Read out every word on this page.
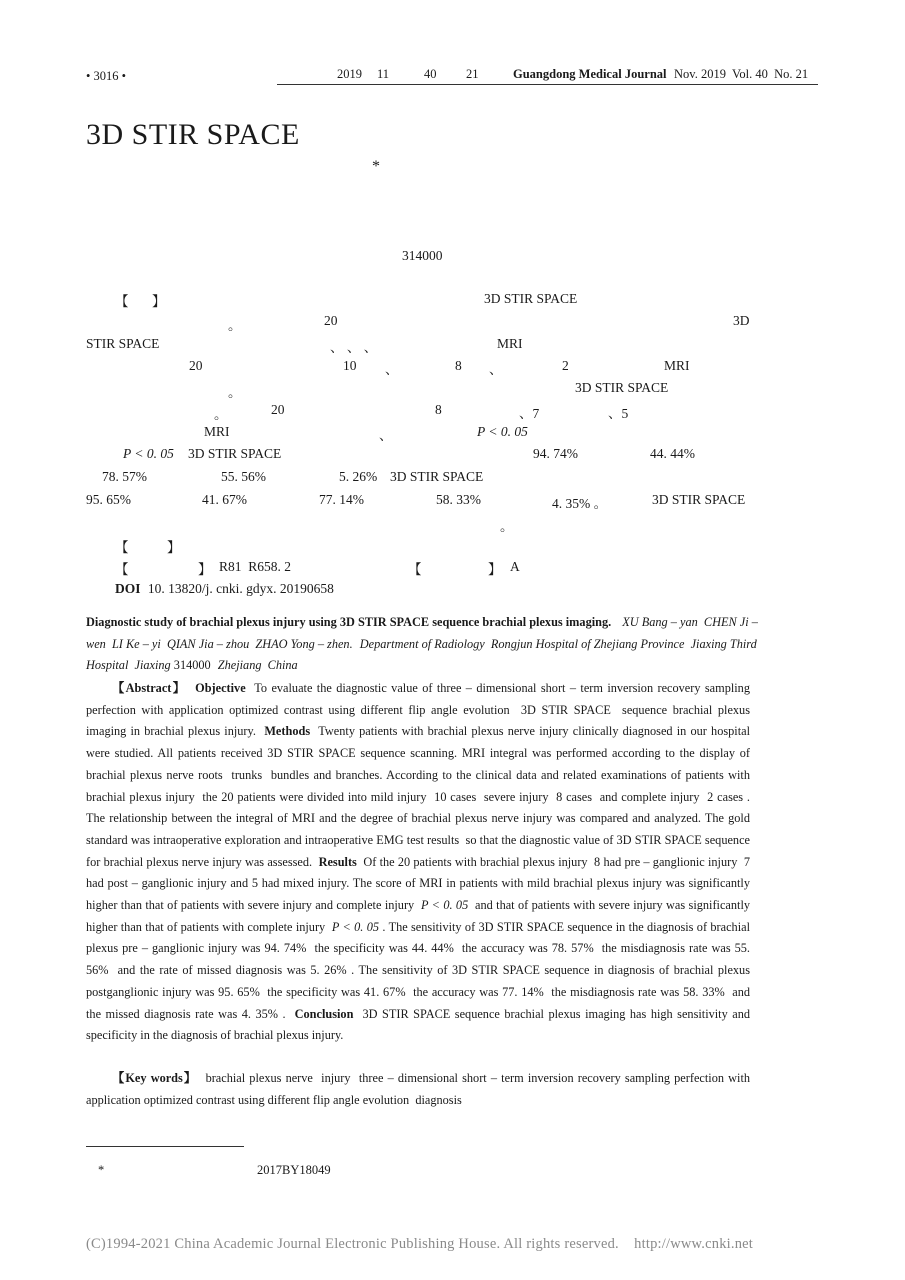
• 3016 •	2019 11	40 21	Guangdong Medical Journal Nov. 2019  Vol. 40  No. 21
3D STIR SPACE
*
314000
【 】	3D STIR SPACE
。	20	3D
STIR SPACE	、 、 、	MRI
20	10 、	8 、	2	MRI
。	3D STIR SPACE
。	20	8	、7	、5
MRI	、	P < 0. 05
P < 0. 05 3D STIR SPACE	94. 74%	44. 44%
78. 57%	55. 56%	5. 26% 3D STIR SPACE
95. 65%	41. 67%	77. 14%	58. 33%	4. 35% 。	3D STIR SPACE
。
【	】
【	】 R81  R658. 2	【	】 A
DOI 10. 13820/j. cnki. gdyx. 20190658
Diagnostic study of brachial plexus injury using 3D STIR SPACE sequence brachial plexus imaging. XU Bang – yan  CHEN Ji – wen  LI Ke – yi  QIAN Jia – zhou  ZHAO Yong – zhen. Department of Radiology  Rongjun Hospital of Zhejiang Province  Jiaxing Third Hospital  Jiaxing 314000 Zhejiang  China
【Abstract】 Objective To evaluate the diagnostic value of three – dimensional short – term inversion recovery sampling perfection with application optimized contrast using different flip angle evolution  3D STIR SPACE  sequence brachial plexus imaging in brachial plexus injury. Methods Twenty patients with brachial plexus nerve injury clinically diagnosed in our hospital were studied. All patients received 3D STIR SPACE sequence scanning. MRI integral was performed according to the display of brachial plexus nerve roots  trunks  bundles and branches. According to the clinical data and related examinations of patients with brachial plexus injury  the 20 patients were divided into mild injury  10 cases  severe injury  8 cases  and complete injury  2 cases . The relationship between the integral of MRI and the degree of brachial plexus nerve injury was compared and analyzed. The gold standard was intraoperative exploration and intraoperative EMG test results  so that the diagnostic value of 3D STIR SPACE sequence for brachial plexus nerve injury was assessed. Results Of the 20 patients with brachial plexus injury  8 had pre – ganglionic injury  7 had post – ganglionic injury and 5 had mixed injury. The score of MRI in patients with mild brachial plexus injury was significantly higher than that of patients with severe injury and complete injury P < 0. 05 and that of patients with severe injury was significantly higher than that of patients with complete injury P < 0. 05 . The sensitivity of 3D STIR SPACE sequence in the diagnosis of brachial plexus pre – ganglionic injury was 94. 74%  the specificity was 44. 44%  the accuracy was 78. 57%  the misdiagnosis rate was 55. 56%  and the rate of missed diagnosis was 5. 26% . The sensitivity of 3D STIR SPACE sequence in diagnosis of brachial plexus postganglionic injury was 95. 65%  the specificity was 41. 67%  the accuracy was 77. 14%  the misdiagnosis rate was 58. 33%  and the missed diagnosis rate was 4. 35% . Conclusion 3D STIR SPACE sequence brachial plexus imaging has high sensitivity and specificity in the diagnosis of brachial plexus injury.
【Key words】 brachial plexus nerve  injury  three – dimensional short – term inversion recovery sampling perfection with application optimized contrast using different flip angle evolution  diagnosis
*	2017BY18049
(C)1994-2021 China Academic Journal Electronic Publishing House. All rights reserved.    http://www.cnki.net
